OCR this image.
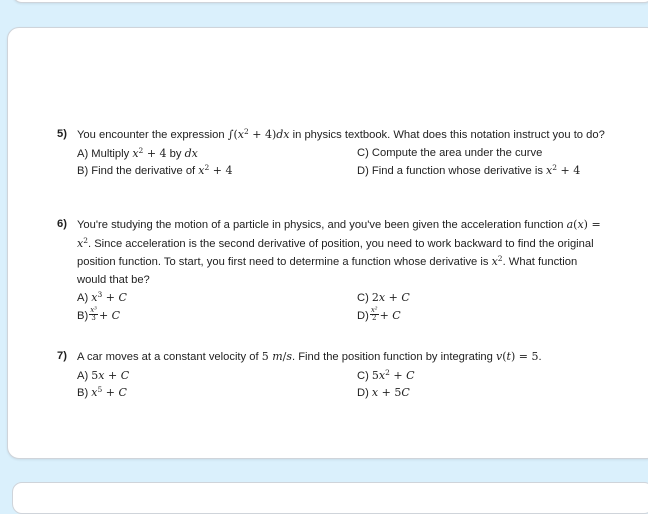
5) You encounter the expression $\int(x^2 + 4)dx$ in physics textbook. What does this notation instruct you to do?
A) Multiply $x^2 + 4$ by dx	C) Compute the area under the curve
B) Find the derivative of $x^2 + 4$	D) Find a function whose derivative is $x^2 + 4$
6) You're studying the motion of a particle in physics, and you've been given the acceleration function $a(x) = x^2$. Since acceleration is the second derivative of position, you need to work backward to find the original position function. To start, you first need to determine a function whose derivative is $x^2$. What function would that be?
A) $x^3 + C$	C) 2x + C
$B) \frac{\text{x³}}{3} + C$	$D) \frac{\text{x²}}{2} + C$
7) A car moves at a constant velocity of 5 m/s. Find the position function by integrating v(t) = 5.
A) 5x + C	C) $5x^2 + C$
B) $x^5 + C$	D) x + 5C
